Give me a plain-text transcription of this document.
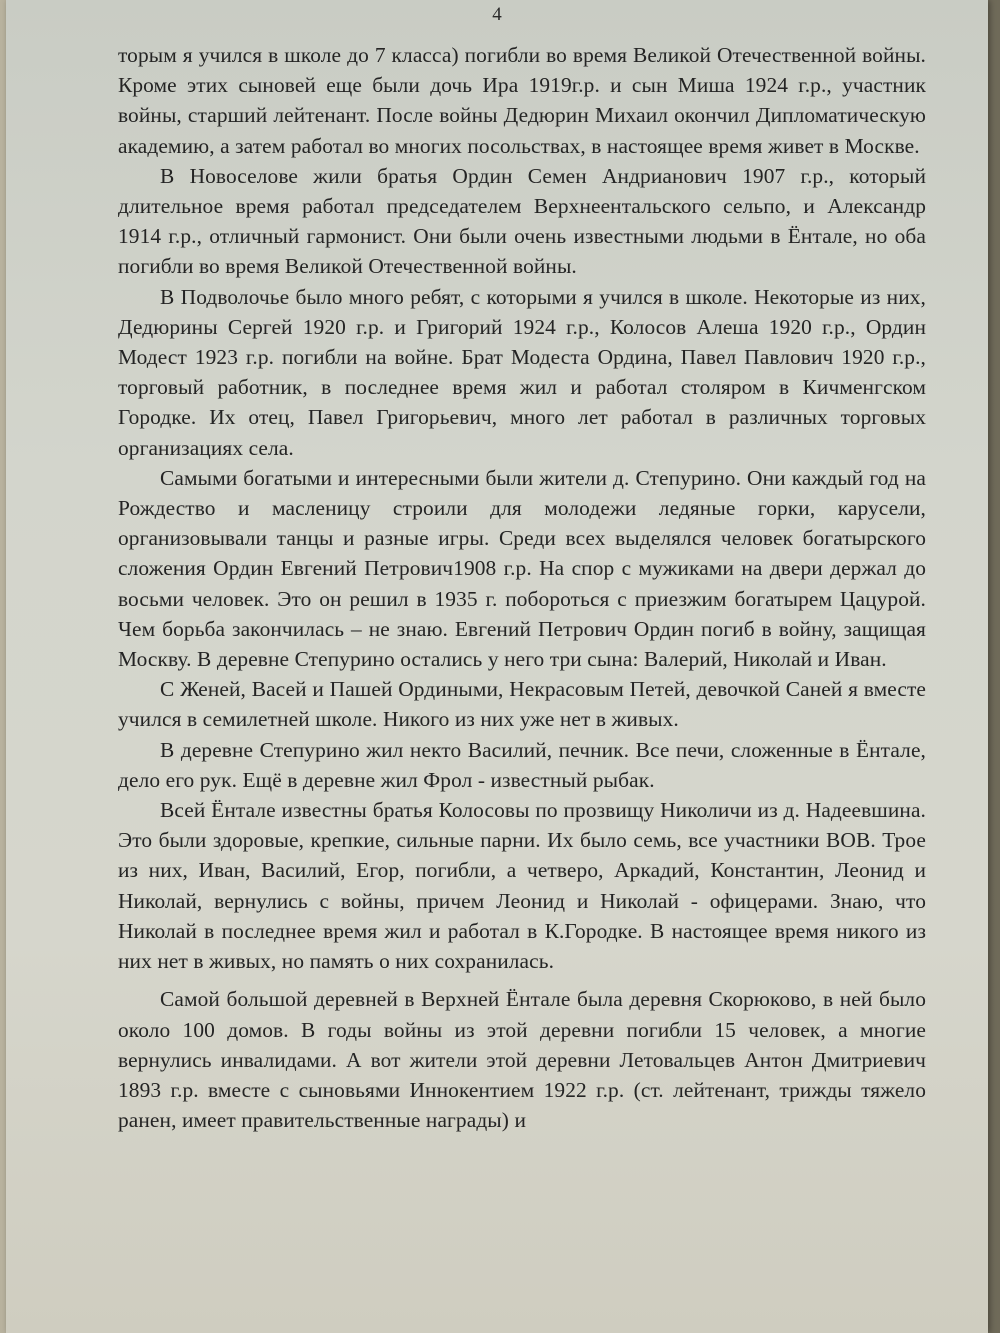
4

торым я учился в школе до 7 класса) погибли во время Великой Отечественной войны. Кроме этих сыновей еще были дочь Ира 1919г.р. и сын Миша 1924 г.р., участник войны, старший лейтенант. После войны Дедюрин Михаил окончил Дипломатическую академию, а затем работал во многих посольствах, в настоящее время живет в Москве.

В Новоселове жили братья Ордин Семен Андрианович 1907 г.р., который длительное время работал председателем Верхнеентальского сельпо, и Александр 1914 г.р., отличный гармонист. Они были очень известными людьми в Ёнтале, но оба погибли во время Великой Отечественной войны.

В Подволочье было много ребят, с которыми я учился в школе. Некоторые из них, Дедюрины Сергей 1920 г.р. и Григорий 1924 г.р., Колосов Алеша 1920 г.р., Ордин Модест 1923 г.р. погибли на войне. Брат Модеста Ордина, Павел Павлович 1920 г.р., торговый работник, в последнее время жил и работал столяром в Кичменгском Городке. Их отец, Павел Григорьевич, много лет работал в различных торговых организациях села.

Самыми богатыми и интересными были жители д. Степурино. Они каждый год на Рождество и масленицу строили для молодежи ледяные горки, карусели, организовывали танцы и разные игры. Среди всех выделялся человек богатырского сложения Ордин Евгений Петрович1908 г.р. На спор с мужиками на двери держал до восьми человек. Это он решил в 1935 г. побороться с приезжим богатырем Цацурой. Чем борьба закончилась – не знаю. Евгений Петрович Ордин погиб в войну, защищая Москву. В деревне Степурино остались у него три сына: Валерий, Николай и Иван.

С Женей, Васей и Пашей Ордиными, Некрасовым Петей, девочкой Саней я вместе учился в семилетней школе. Никого из них уже нет в живых.

В деревне Степурино жил некто Василий, печник. Все печи, сложенные в Ёнтале, дело его рук. Ещё в деревне жил Фрол - известный рыбак.

Всей Ёнтале известны братья Колосовы по прозвищу Николичи из д. Надеевшина. Это были здоровые, крепкие, сильные парни. Их было семь, все участники ВОВ. Трое из них, Иван, Василий, Егор, погибли, а четверо, Аркадий, Константин, Леонид и Николай, вернулись с войны, причем Леонид и Николай - офицерами. Знаю, что Николай в последнее время жил и работал в К.Городке. В настоящее время никого из них нет в живых, но память о них сохранилась.

Самой большой деревней в Верхней Ёнтале была деревня Скорюково, в ней было около 100 домов. В годы войны из этой деревни погибли 15 человек, а многие вернулись инвалидами. А вот жители этой деревни Летовальцев Антон Дмитриевич 1893 г.р. вместе с сыновьями Иннокентием 1922 г.р. (ст. лейтенант, трижды тяжело ранен, имеет правительственные награды) и
